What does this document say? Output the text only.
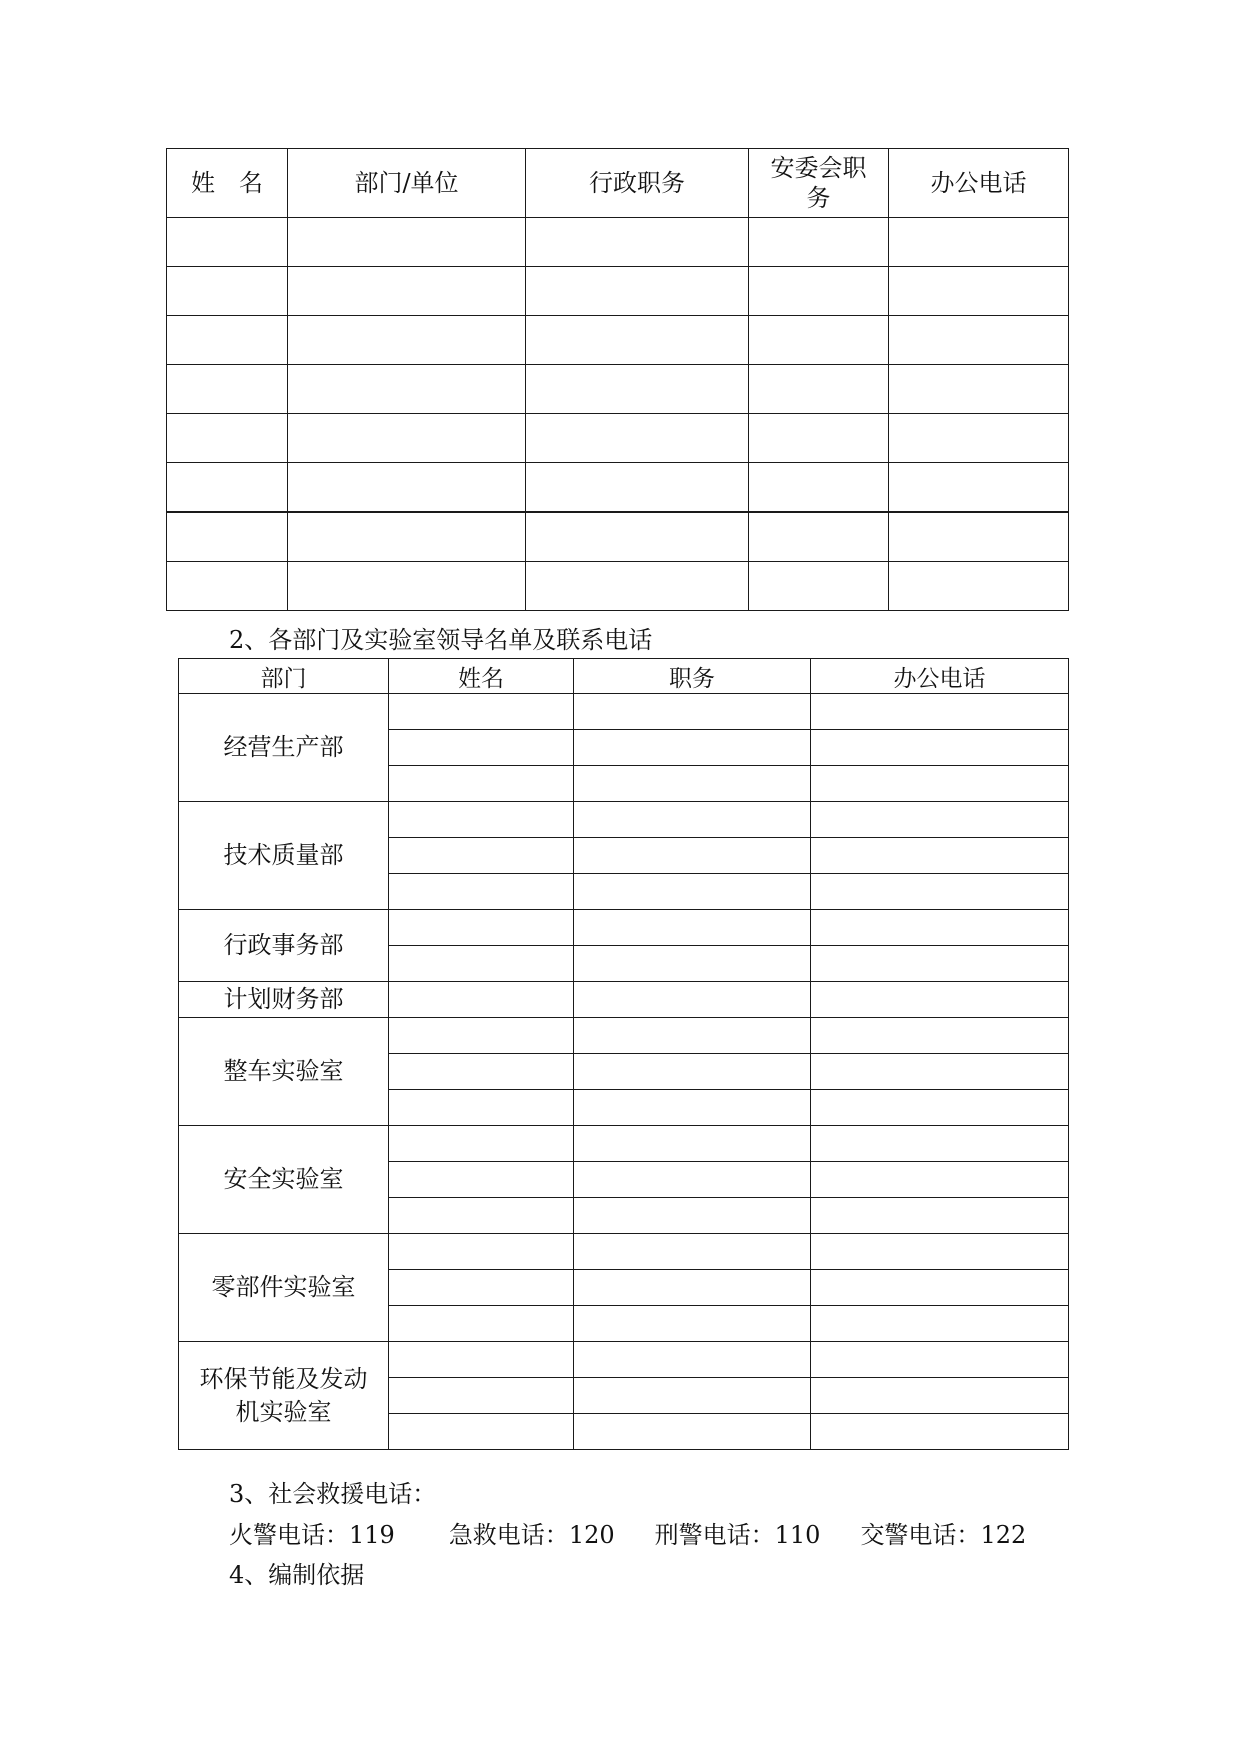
姓　名	部门/单位	行政职务	安委会职务	办公电话

2、各部门及实验室领导名单及联系电话
部门	姓名	职务	办公电话
经营生产部			

技术质量部			

行政事务部			

计划财务部			
整车实验室			

安全实验室			

零部件实验室			

环保节能及发动机实验室			

3、社会救援电话：
火警电话：119 急救电话：120 刑警电话：110 交警电话：122
4、编制依据
